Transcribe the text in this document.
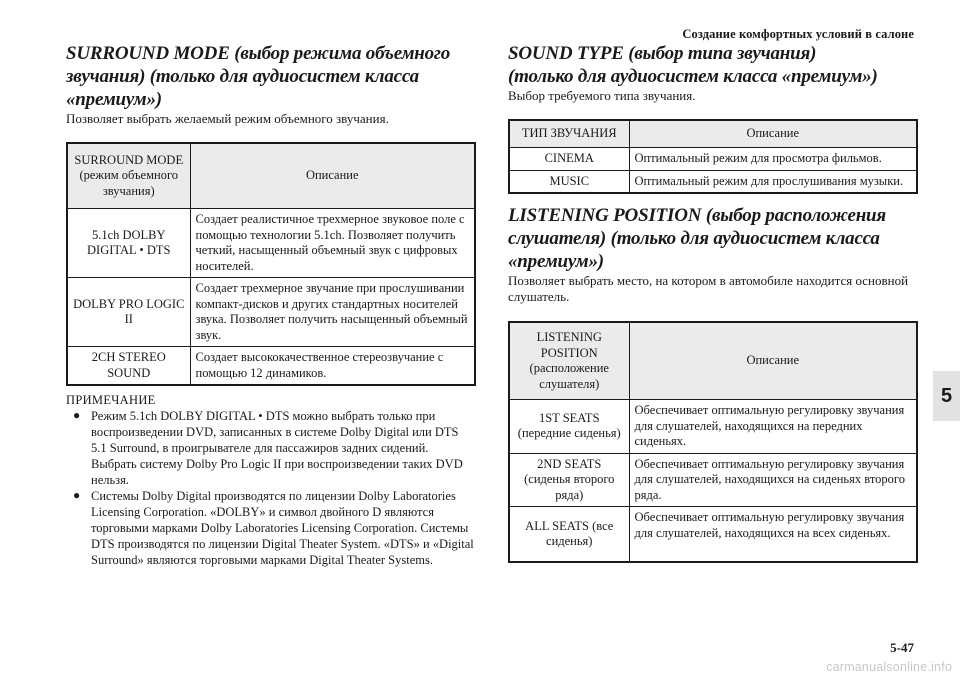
Создание комфортных условий в салоне
SURROUND MODE (выбор режима объемного
звучания) (только для аудиосистем класса «премиум»)

Позволяет выбрать желаемый режим объемного звучания.

SURROUND MODE (режим объемного звучания)	Описание
5.1ch DOLBY DIGITAL • DTS	Создает реалистичное трехмерное звуковое поле с помощью технологии 5.1ch. Позволяет получить четкий, насыщенный объемный звук с цифровых носителей.
DOLBY PRO LOGIC II	Создает трехмерное звучание при прослушивании компакт-дисков и других стандартных носителей звука. Позволяет получить насыщенный объемный звук.
2CH STEREO SOUND	Создает высококачественное стереозвучание с помощью 12 динамиков.
ПРИМЕЧАНИЕ
● Режим 5.1ch DOLBY DIGITAL • DTS можно выбрать только при воспроизведении DVD, записанных в системе Dolby Digital или DTS 5.1 Surround, в проигрывателе для пассажиров задних сидений. Выбрать систему Dolby Pro Logic II при воспроизведении таких DVD нельзя.
● Системы Dolby Digital производятся по лицензии Dolby Laboratories Licensing Corporation. «DOLBY» и символ двойного D являются торговыми марками Dolby Laboratories Licensing Corporation. Системы DTS производятся по лицензии Digital Theater System. «DTS» и «Digital Surround» являются торговыми марками Digital Theater Systems.
SOUND TYPE (выбор типа звучания)
(только для аудиосистем класса «премиум»)

Выбор требуемого типа звучания.

ТИП ЗВУЧАНИЯ	Описание
CINEMA	Оптимальный режим для просмотра фильмов.
MUSIC	Оптимальный режим для прослушивания музыки.
LISTENING POSITION (выбор расположения
слушателя) (только для аудиосистем класса
«премиум»)

Позволяет выбрать место, на котором в автомобиле находится основной слушатель.

LISTENING POSITION (расположение слушателя)	Описание
1ST SEATS (передние сиденья)	Обеспечивает оптимальную регулировку звучания для слушателей, находящихся на передних сиденьях.
2ND SEATS (сиденья второго ряда)	Обеспечивает оптимальную регулировку звучания для слушателей, находящихся на сиденьях второго ряда.
ALL SEATS (все сиденья)	Обеспечивает оптимальную регулировку звучания для слушателей, находящихся на всех сиденьях.
5
5-47
carmanualsonline.info
